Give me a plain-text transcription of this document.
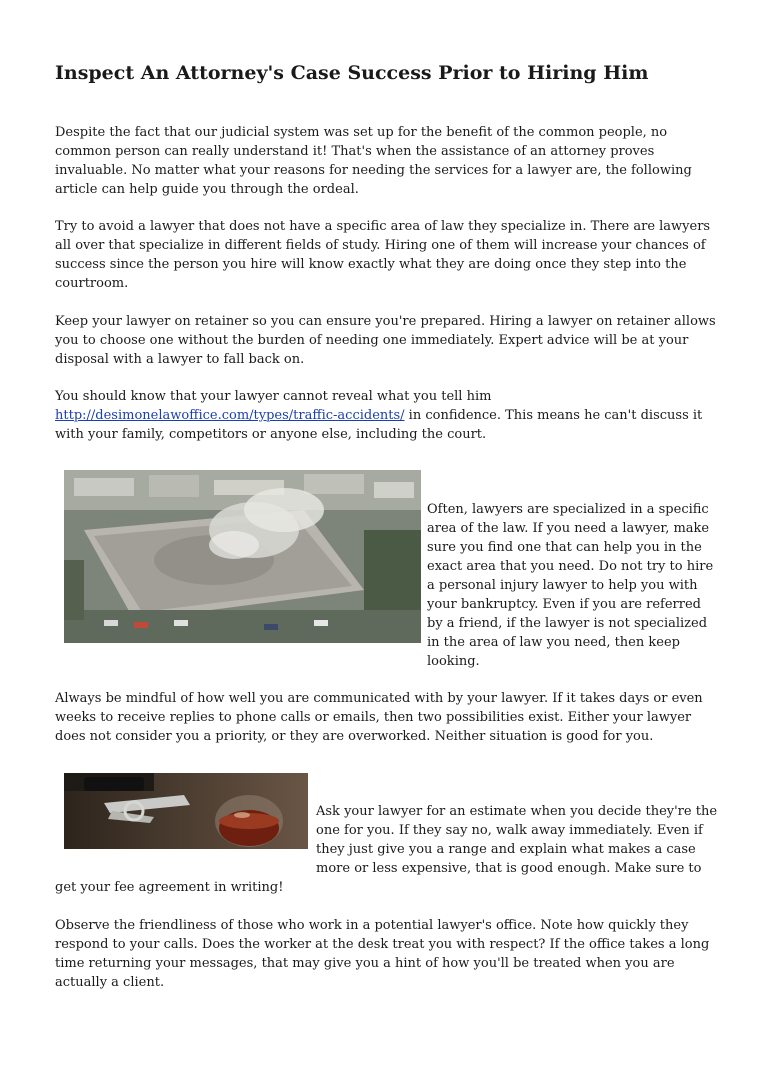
Inspect An Attorney's Case Success Prior to Hiring Him

Despite the fact that our judicial system was set up for the benefit of the common people, no common person can really understand it! That's when the assistance of an attorney proves invaluable. No matter what your reasons for needing the services for a lawyer are, the following article can help guide you through the ordeal.

Try to avoid a lawyer that does not have a specific area of law they specialize in. There are lawyers all over that specialize in different fields of study. Hiring one of them will increase your chances of success since the person you hire will know exactly what they are doing once they step into the courtroom.

Keep your lawyer on retainer so you can ensure you're prepared. Hiring a lawyer on retainer allows you to choose one without the burden of needing one immediately. Expert advice will be at your disposal with a lawyer to fall back on.

You should know that your lawyer cannot reveal what you tell him
http://desimonelawoffice.com/types/traffic-accidents/ in confidence. This means he can't discuss it with your family, competitors or anyone else, including the court.

Often, lawyers are specialized in a specific area of the law. If you need a lawyer, make sure you find one that can help you in the exact area that you need. Do not try to hire a personal injury lawyer to help you with your bankruptcy. Even if you are referred by a friend, if the lawyer is not specialized in the area of law you need, then keep looking.

Always be mindful of how well you are communicated with by your lawyer. If it takes days or even weeks to receive replies to phone calls or emails, then two possibilities exist. Either your lawyer does not consider you a priority, or they are overworked. Neither situation is good for you.

Ask your lawyer for an estimate when you decide they're the one for you. If they say no, walk away immediately. Even if they just give you a range and explain what makes a case more or less expensive, that is good enough. Make sure to

get your fee agreement in writing!

Observe the friendliness of those who work in a potential lawyer's office. Note how quickly they respond to your calls. Does the worker at the desk treat you with respect? If the office takes a long time returning your messages, that may give you a hint of how you'll be treated when you are actually a client.
